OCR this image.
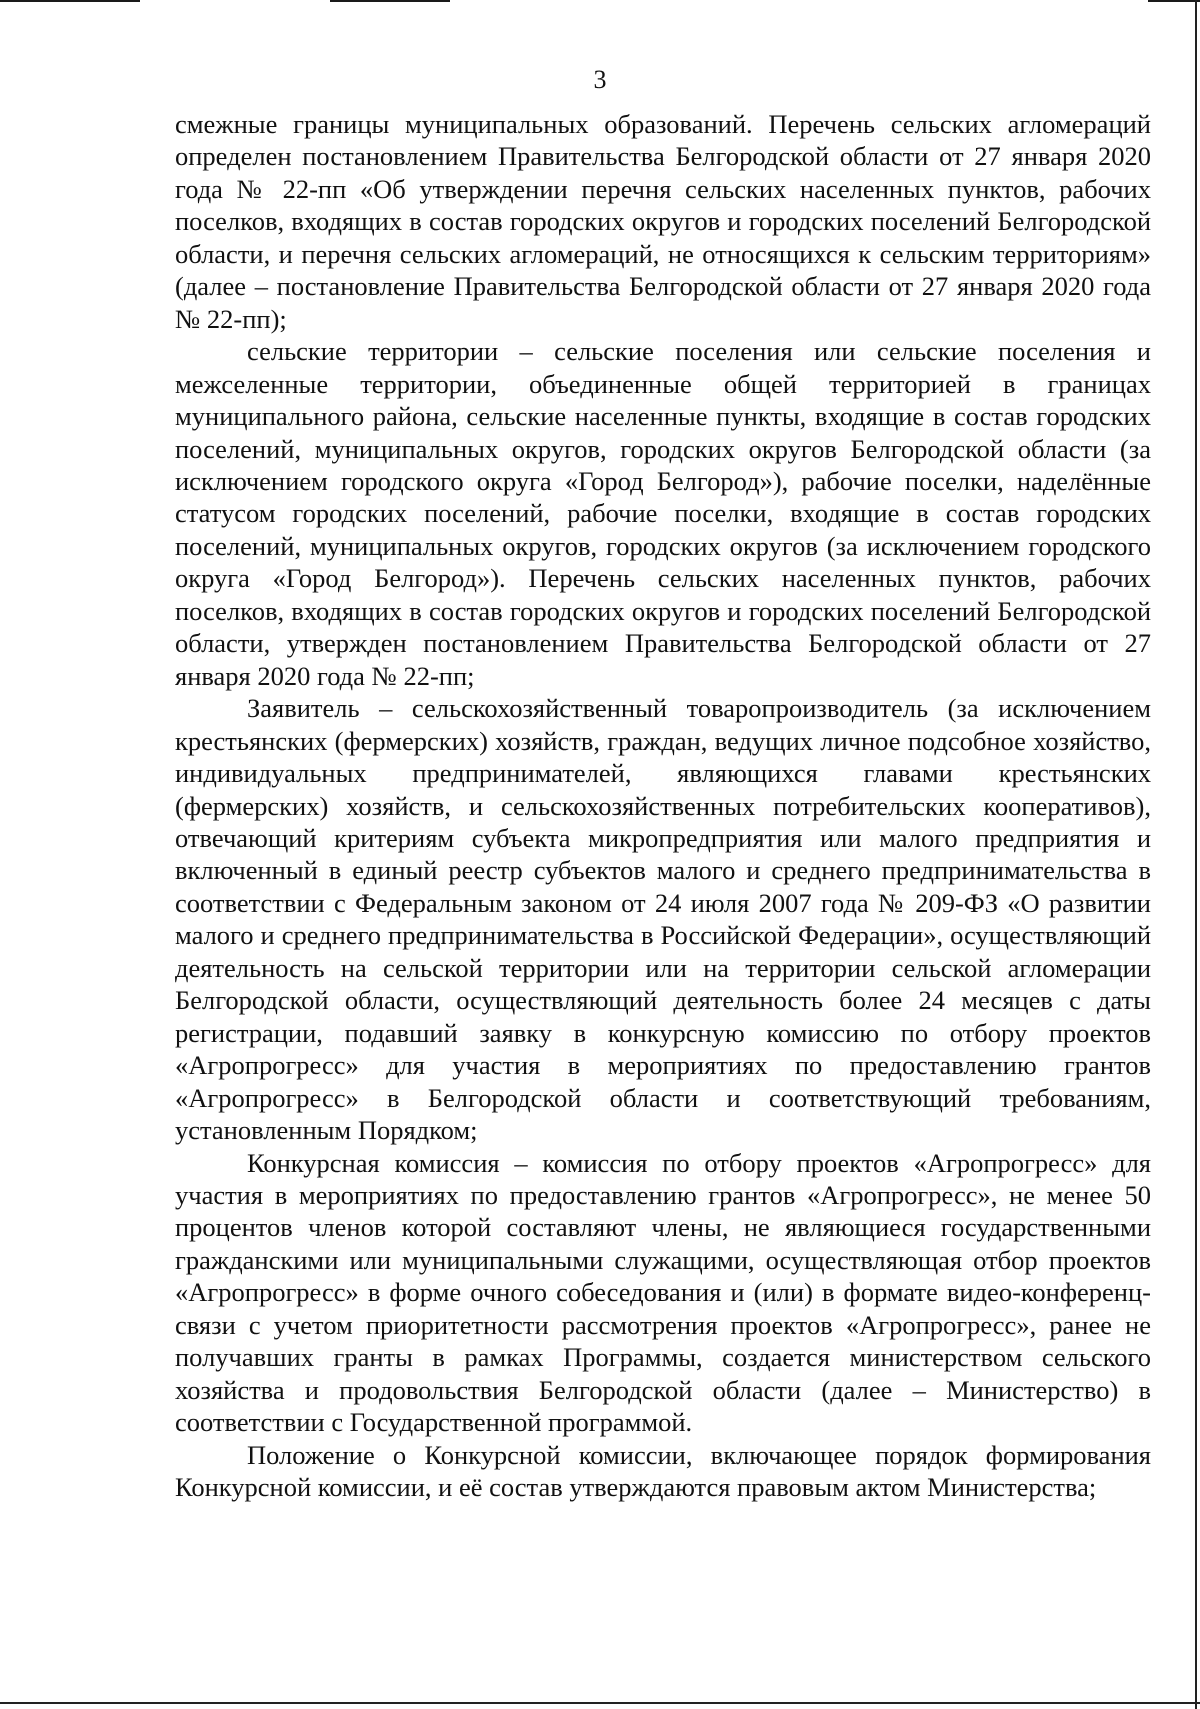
3

смежные границы муниципальных образований. Перечень сельских агломераций определен постановлением Правительства Белгородской области от 27 января 2020 года № 22-пп «Об утверждении перечня сельских населенных пунктов, рабочих поселков, входящих в состав городских округов и городских поселений Белгородской области, и перечня сельских агломераций, не относящихся к сельским территориям» (далее – постановление Правительства Белгородской области от 27 января 2020 года № 22-пп);

сельские территории – сельские поселения или сельские поселения и межселенные территории, объединенные общей территорией в границах муниципального района, сельские населенные пункты, входящие в состав городских поселений, муниципальных округов, городских округов Белгородской области (за исключением городского округа «Город Белгород»), рабочие поселки, наделённые статусом городских поселений, рабочие поселки, входящие в состав городских поселений, муниципальных округов, городских округов (за исключением городского округа «Город Белгород»). Перечень сельских населенных пунктов, рабочих поселков, входящих в состав городских округов и городских поселений Белгородской области, утвержден постановлением Правительства Белгородской области от 27 января 2020 года № 22-пп;

Заявитель – сельскохозяйственный товаропроизводитель (за исключением крестьянских (фермерских) хозяйств, граждан, ведущих личное подсобное хозяйство, индивидуальных предпринимателей, являющихся главами крестьянских (фермерских) хозяйств, и сельскохозяйственных потребительских кооперативов), отвечающий критериям субъекта микропредприятия или малого предприятия и включенный в единый реестр субъектов малого и среднего предпринимательства в соответствии с Федеральным законом от 24 июля 2007 года № 209-ФЗ «О развитии малого и среднего предпринимательства в Российской Федерации», осуществляющий деятельность на сельской территории или на территории сельской агломерации Белгородской области, осуществляющий деятельность более 24 месяцев с даты регистрации, подавший заявку в конкурсную комиссию по отбору проектов «Агропрогресс» для участия в мероприятиях по предоставлению грантов «Агропрогресс» в Белгородской области и соответствующий требованиям, установленным Порядком;

Конкурсная комиссия – комиссия по отбору проектов «Агропрогресс» для участия в мероприятиях по предоставлению грантов «Агропрогресс», не менее 50 процентов членов которой составляют члены, не являющиеся государственными гражданскими или муниципальными служащими, осуществляющая отбор проектов «Агропрогресс» в форме очного собеседования и (или) в формате видео-конференц-связи с учетом приоритетности рассмотрения проектов «Агропрогресс», ранее не получавших гранты в рамках Программы, создается министерством сельского хозяйства и продовольствия Белгородской области (далее – Министерство) в соответствии с Государственной программой.

Положение о Конкурсной комиссии, включающее порядок формирования Конкурсной комиссии, и её состав утверждаются правовым актом Министерства;
